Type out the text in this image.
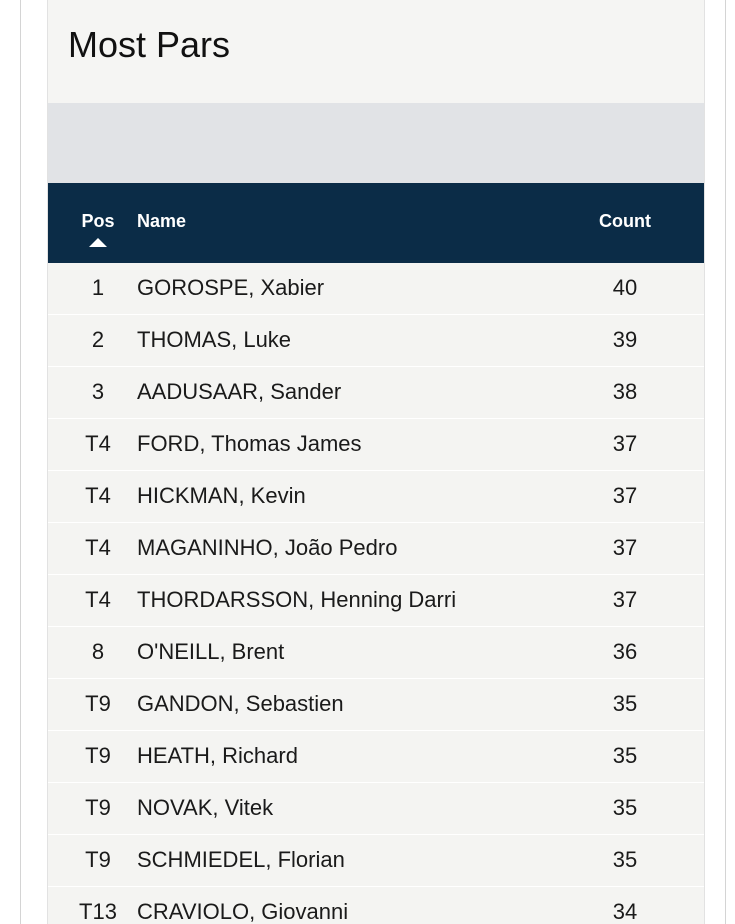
Most Pars
Pos	Name	Count
1	GOROSPE, Xabier	40
2	THOMAS, Luke	39
3	AADUSAAR, Sander	38
T4	FORD, Thomas James	37
T4	HICKMAN, Kevin	37
T4	MAGANINHO, João Pedro	37
T4	THORDARSSON, Henning Darri	37
8	O'NEILL, Brent	36
T9	GANDON, Sebastien	35
T9	HEATH, Richard	35
T9	NOVAK, Vitek	35
T9	SCHMIEDEL, Florian	35
T13 CRAVIOLO, Giovanni	34
